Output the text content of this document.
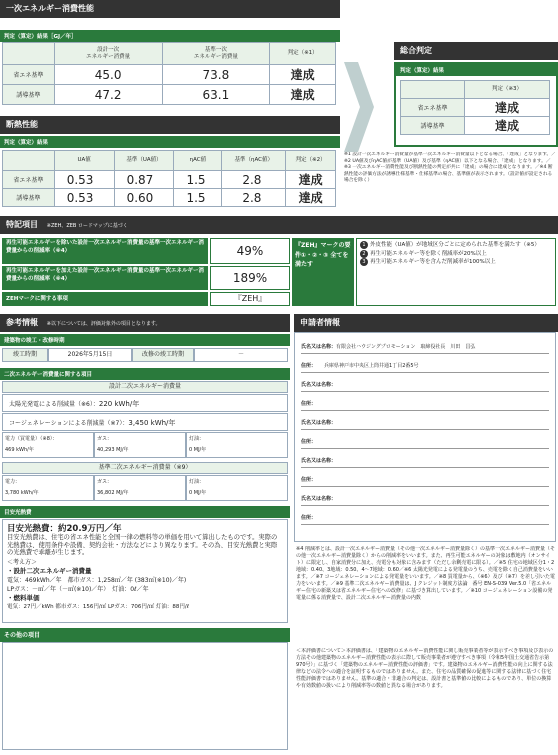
一次エネルギー消費性能
判定（算定）結果［GJ／年］
	設計一次
エネルギー消費量	基準一次
エネルギー消費量	判定（※1）
省エネ基準	45.0	73.8	達成
誘導基準	47.2	63.1	達成
断熱性能
判定（算定）結果
	UA値	基準（UA値）	ηAC値	基準（ηAC値）	判定（※2）
省エネ基準	0.53	0.87	1.5	2.8	達成
誘導基準	0.53	0.60	1.5	2.8	達成
総合判定
判定（算定）結果
	判定（※3）
省エネ基準	達成
誘導基準	達成
※1 設計一次エネルギー消費量が基準一次エネルギー消費量以下となる場合、「達成」となります。／※2 UA値及びηAC値が基準（UA値）及び基準（ηAC値）以下となる場合、「達成」となります。／※3 一次エネルギー消費性能及び断熱性能の判定が共に「達成」の場合に達成となります。／※4 断熱性能の評価方法が誘導仕様基準・仕様基準の場合、基準値が表示されます。（設計値が設定される場合を除く）
特記項目 ※ZEH、ZEB ロードマップに基づく
再生可能エネルギーを除いた設計一次エネルギー消費量の基準一次エネルギー消費量からの削減率（※4）	49%
再生可能エネルギーを加えた設計一次エネルギー消費量の基準一次エネルギー消費量からの削減率（※4）	189%
ZEHマークに関する事項	『ZEH』
『ZEH』マークの要件①・②・③ 全てを満たす
1 外皮性能（UA値）が地域区分ごとに定められた基準を満たす（※5）
2 再生可能エネルギー等を除く削減率が20%以上
3 再生可能エネルギー等を含んだ削減率が100%以上
参考情報 ※以下については、評価対象外の項目となります。
建築物の竣工・改修時期
竣工時期	2026年5月15日	改修の竣工時期	－
二次エネルギー消費量に関する項目
設計二次エネルギー消費量
太陽光発電による削減量（※6）：220 kWh/年
コージェネレーションによる削減量（※7）：3,450 kWh/年
電力（買電量）（※8）：
469 kWh/年
ガス：
40,293 MJ/年
灯油：
0 MJ/年
基準二次エネルギー消費量（※9）
電力：
3,780 kWh/年
ガス：
36,802 MJ/年
灯油：
0 MJ/年
目安光熱費
目安光熱費：約20.9万円／年
目安光熱費は、住宅の省エネ性能と全国一律の燃料等の単価を用いて算出したものです。実際の光熱費は、使用条件や設備、契約会社・方法などにより異なります。その為、目安光熱費と実際の光熱費で乖離が生じます。
＜考え方＞
・設計二次エネルギー消費量
電気：469kWh／年　都市ガス：1,258㎥／年 (383㎥(※10)／年)
LPガス：－㎥／年（－㎥(※10)／年）　灯油：0ℓ／年
・燃料単価
電気：27円／kWh 都市ガス：156円/㎥ LPガス：706円/㎥ 灯油：88円/ℓ
その他の項目
申請者情報
氏名又は名称：有限会社ハウジングプロモーション　取締役社長　川田　昌弘
住所： 兵庫県神戸市中央区上筒井通1丁目2番5号
氏名又は名称：
住所：
氏名又は名称：
住所：
氏名又は名称：
住所：
氏名又は名称：
住所：
※4 削減率とは、設計一次エネルギー消費量（その他一次エネルギー消費量除く）の基準一次エネルギー消費量（その他一次エネルギー消費量除く）からの削減率をいいます。また、再生可能エネルギーの対象は敷地内（オンサイト）に限定し、自家消費分に加え、売電分も対象に含みます（ただし余剰売電に限る）。／※5 住宅の地域区分1・2地域：0.40、3地域：0.50、4〜7地域：0.60／※6 太陽光発電による発電量のうち、売電を除く自己消費量をいいます。／※7 コージェネレーションによる発電量をいいます。／※8 買電量から、（※6）及び（※7）を差し引いた電力をいいます。／※9 基準二次エネルギー消費量は、J クレジット制度方法論　番号 EN-S-039 Ver.5.0「省エネルギー住宅の新築又は省エネルギー住宅への改修」に基づき算出しています。／※10 コージェネレーション設備の発電量に係る消費量で、設計二次エネルギー消費量の内数
＜本評価書について＞本評価書は、「建築物のエネルギー消費性能に関し販売事業者等が表示すべき事項及び表示の方法その他建築物のエネルギー消費性能の表示に際して販売事業者が遵守すべき事項（令和5年国土交通省告示第970号）」に基づく「建築物のエネルギー消費性能の評価書」です。建築物のエネルギー消費性能の向上に関する法律などの法令への適合を証明するものではありません。また、住宅の品質確保の促進等に関する法律に基づく住宅性能評価書ではありません。基準の適合・非適合の判定は、設計書と基準値の比較によるものであり、単位の換算や有効数値の扱いにより削減率等の数値と異なる場合があります。
